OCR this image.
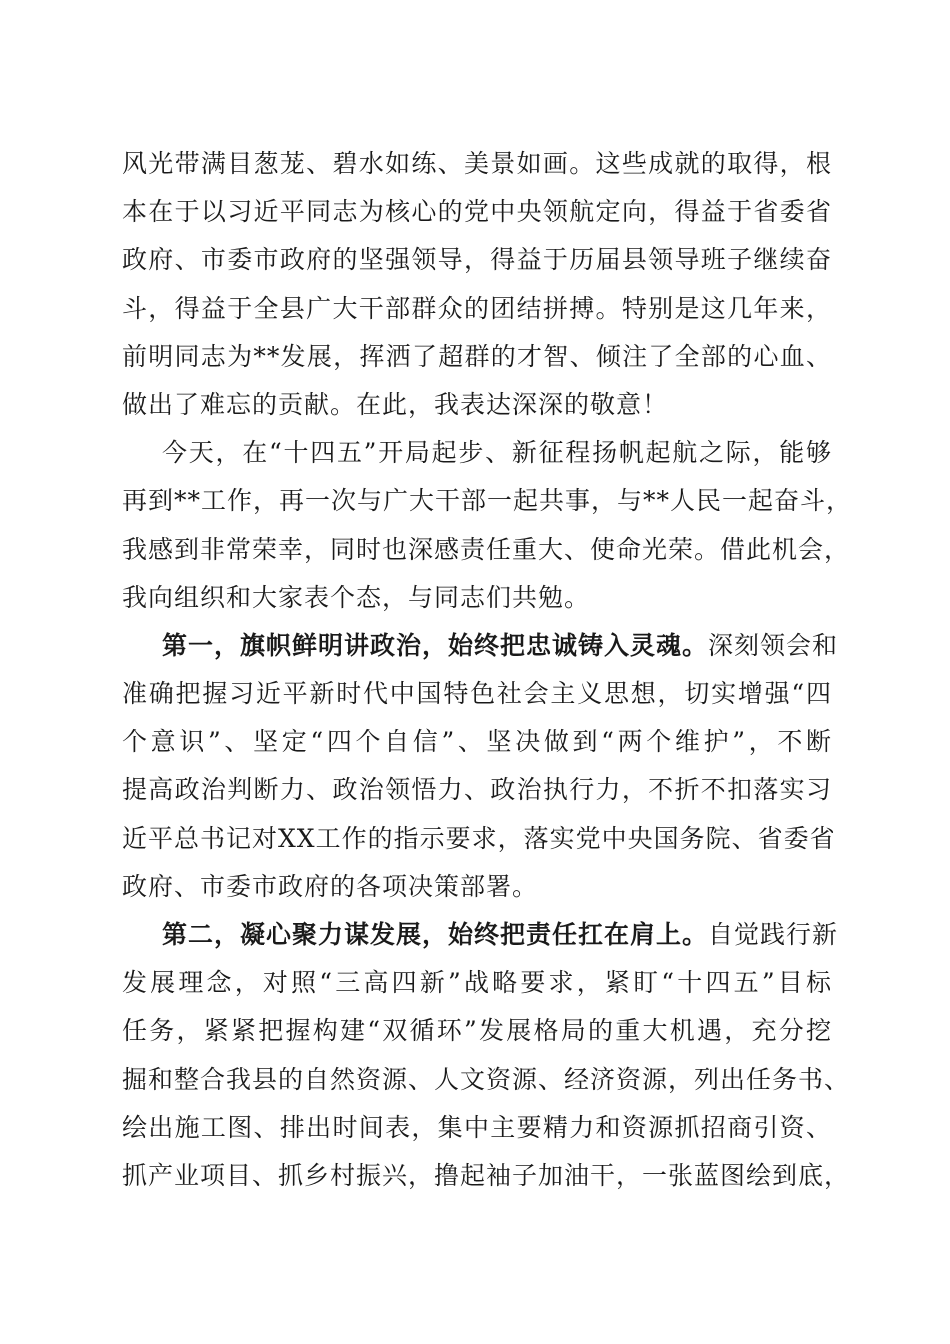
风光带满目葱茏、碧水如练、美景如画。这些成就的取得，根
本在于以习近平同志为核心的党中央领航定向，得益于省委省
政府、市委市政府的坚强领导，得益于历届县领导班子继续奋
斗，得益于全县广大干部群众的团结拼搏。特别是这几年来，
前明同志为**发展，挥洒了超群的才智、倾注了全部的心血、
做出了难忘的贡献。在此，我表达深深的敬意！
今天，在“十四五”开局起步、新征程扬帆起航之际，能够
再到**工作，再一次与广大干部一起共事，与**人民一起奋斗，
我感到非常荣幸，同时也深感责任重大、使命光荣。借此机会，
我向组织和大家表个态，与同志们共勉。
第一，旗帜鲜明讲政治，始终把忠诚铸入灵魂。深刻领会和
准确把握习近平新时代中国特色社会主义思想，切实增强“四
个意识”、坚定“四个自信”、坚决做到“两个维护”，不断
提高政治判断力、政治领悟力、政治执行力，不折不扣落实习
近平总书记对XX工作的指示要求，落实党中央国务院、省委省
政府、市委市政府的各项决策部署。
第二，凝心聚力谋发展，始终把责任扛在肩上。自觉践行新
发展理念，对照“三高四新”战略要求，紧盯“十四五”目标
任务，紧紧把握构建“双循环”发展格局的重大机遇，充分挖
掘和整合我县的自然资源、人文资源、经济资源，列出任务书、
绘出施工图、排出时间表，集中主要精力和资源抓招商引资、
抓产业项目、抓乡村振兴，撸起袖子加油干，一张蓝图绘到底，
